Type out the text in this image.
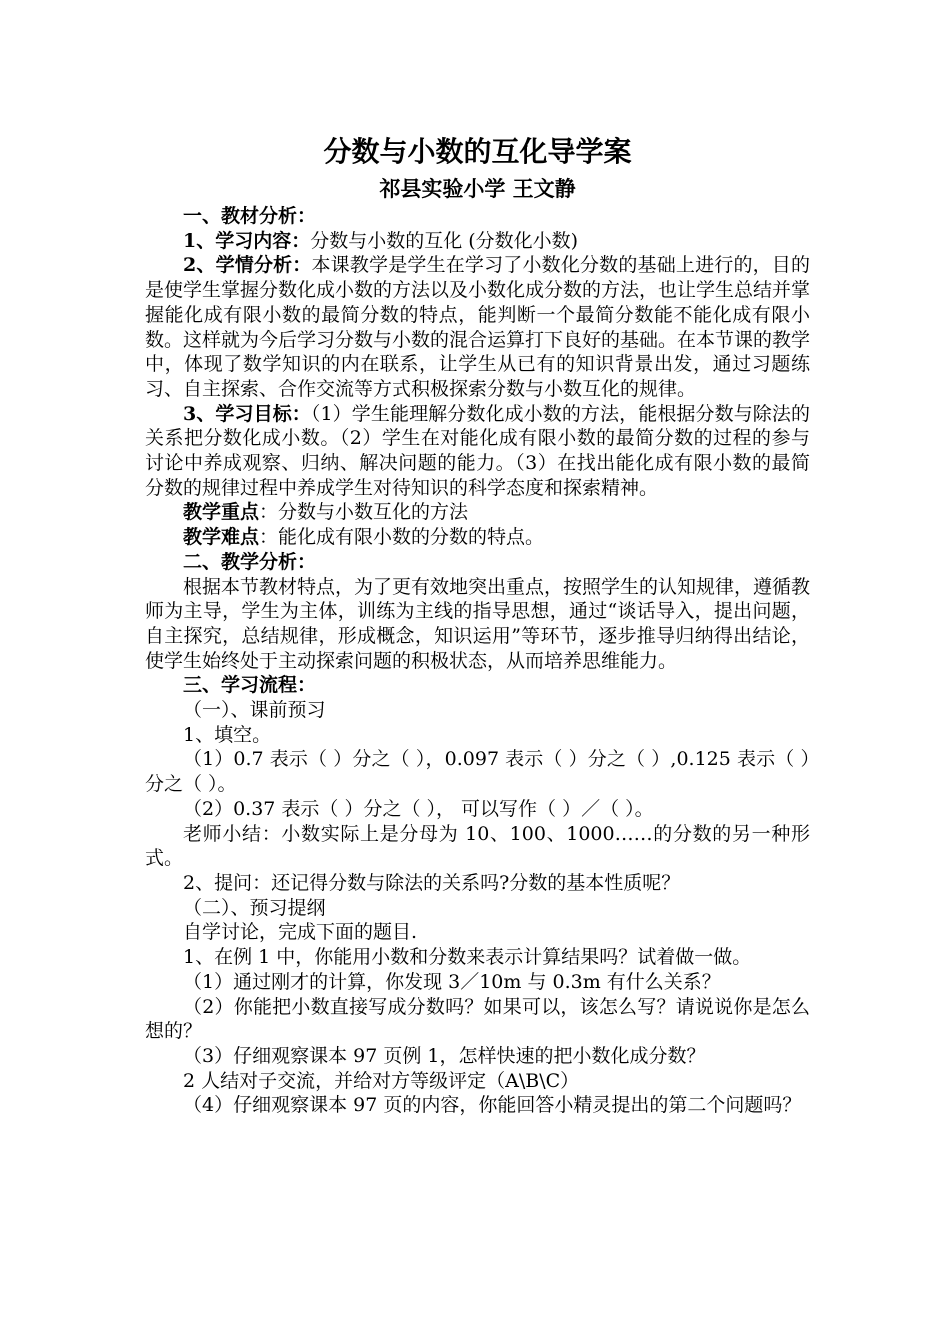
分数与小数的互化导学案
祁县实验小学 王文静

一、教材分析：

1、学习内容：分数与小数的互化 (分数化小数)

2、学情分析：本课教学是学生在学习了小数化分数的基础上进行的，目的是使学生掌握分数化成小数的方法以及小数化成分数的方法，也让学生总结并掌握能化成有限小数的最简分数的特点，能判断一个最简分数能不能化成有限小数。这样就为今后学习分数与小数的混合运算打下良好的基础。在本节课的教学中，体现了数学知识的内在联系，让学生从已有的知识背景出发，通过习题练习、自主探索、合作交流等方式积极探索分数与小数互化的规律。

3、学习目标：（1）学生能理解分数化成小数的方法，能根据分数与除法的关系把分数化成小数。（2）学生在对能化成有限小数的最简分数的过程的参与讨论中养成观察、归纳、解决问题的能力。（3）在找出能化成有限小数的最简分数的规律过程中养成学生对待知识的科学态度和探索精神。

教学重点：分数与小数互化的方法

教学难点：能化成有限小数的分数的特点。

二、教学分析：

根据本节教材特点，为了更有效地突出重点，按照学生的认知规律，遵循教师为主导，学生为主体，训练为主线的指导思想，通过“谈话导入，提出问题，自主探究，总结规律，形成概念，知识运用”等环节，逐步推导归纳得出结论，使学生始终处于主动探索问题的积极状态，从而培养思维能力。

三、学习流程：

（一）、课前预习

1、填空。

（1）0.7 表示（ ）分之（ ），0.097 表示（ ）分之（ ）,0.125 表示（ ）分之（ ）。

（2）0.37 表示（ ）分之（ ）， 可以写作（ ）／（ ）。

老师小结：小数实际上是分母为 10、100、1000……的分数的另一种形式。

2、提问：还记得分数与除法的关系吗?分数的基本性质呢？

（二）、预习提纲

自学讨论，完成下面的题目.

1、在例 1 中，你能用小数和分数来表示计算结果吗？试着做一做。

（1）通过刚才的计算，你发现 3／10m 与 0.3m 有什么关系？

（2）你能把小数直接写成分数吗？如果可以，该怎么写？请说说你是怎么想的？

（3）仔细观察课本 97 页例 1，怎样快速的把小数化成分数？

2 人结对子交流，并给对方等级评定（A\B\C）

（4）仔细观察课本 97 页的内容，你能回答小精灵提出的第二个问题吗？
